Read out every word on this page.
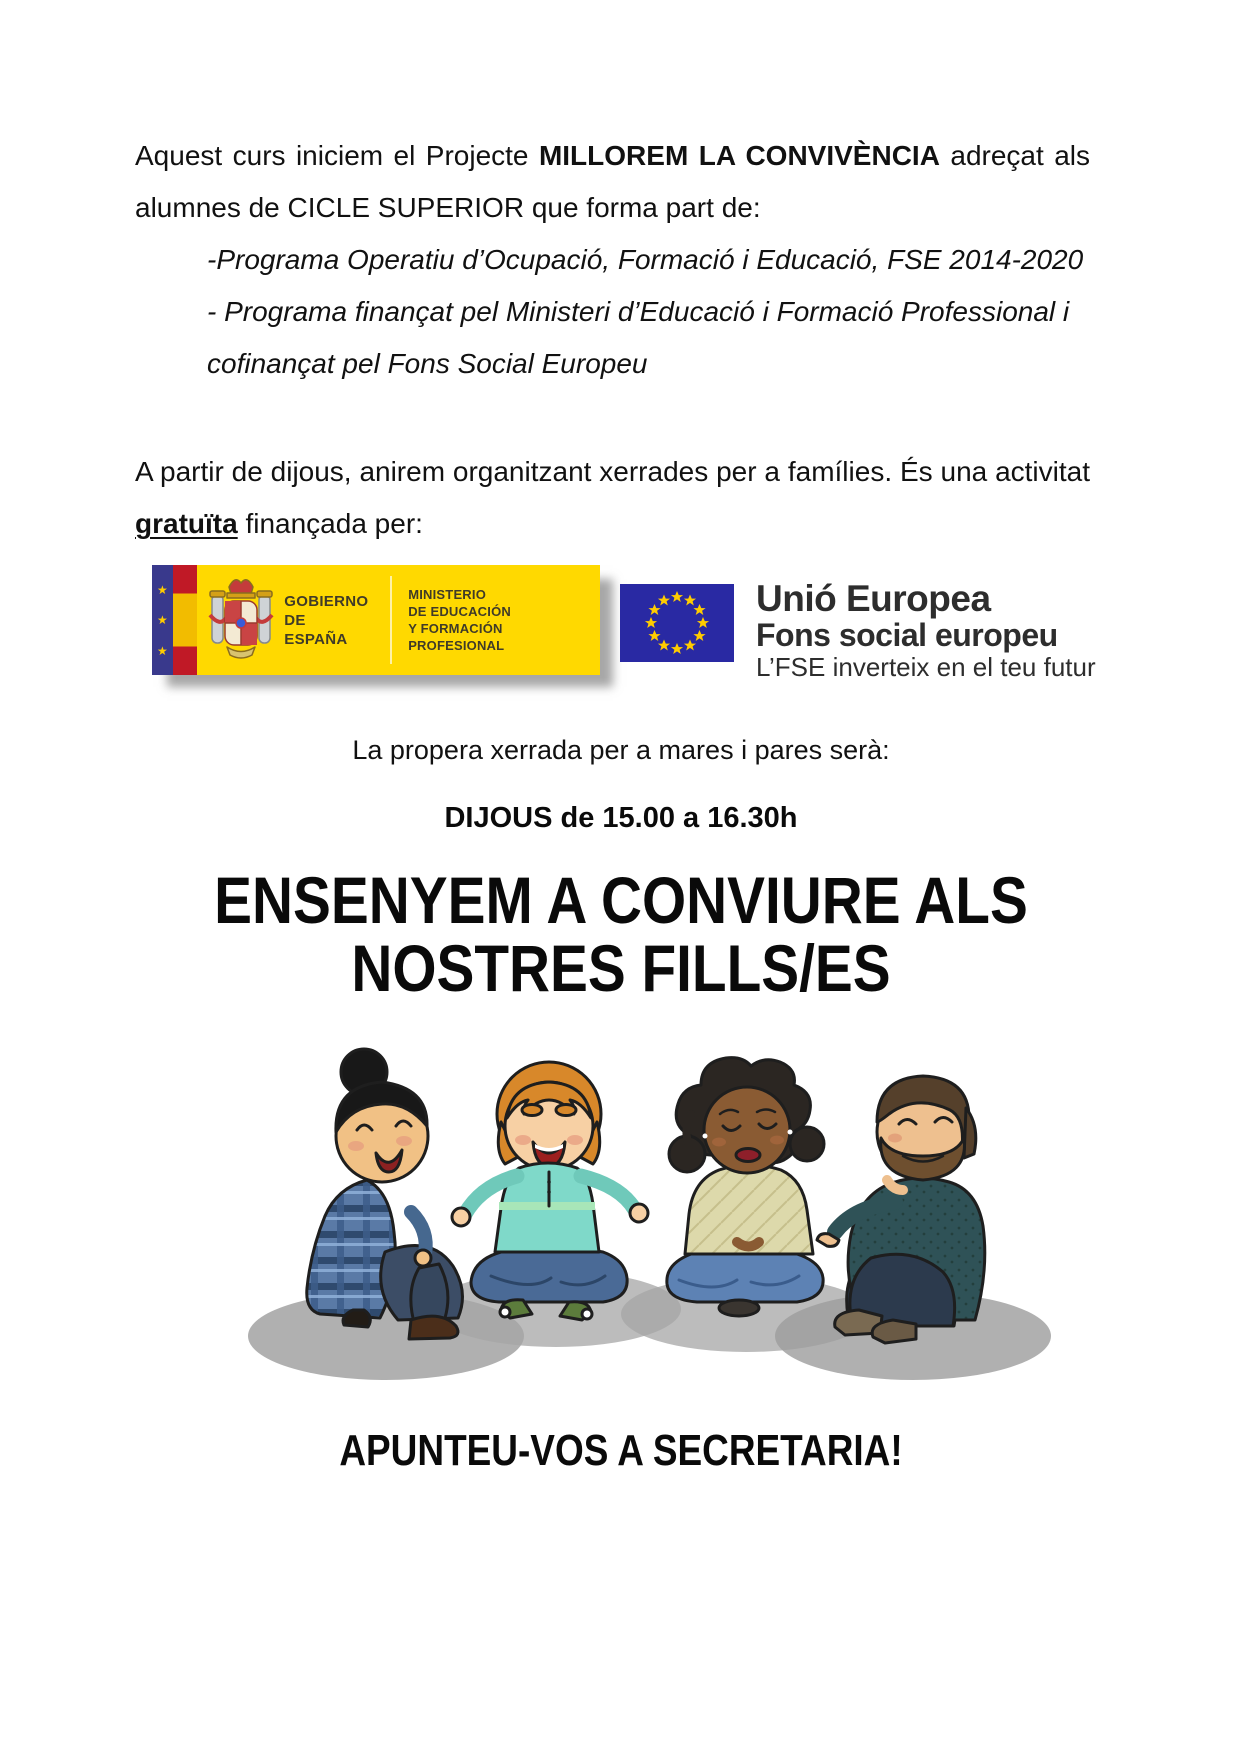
Aquest curs iniciem el Projecte MILLOREM LA CONVIVÈNCIA adreçat als
alumnes de CICLE SUPERIOR que forma part de:

-Programa Operatiu d’Ocupació, Formació i Educació, FSE 2014-2020
- Programa finançat pel Ministeri d’Educació i Formació Professional i
cofinançat pel Fons Social Europeu

A partir de dijous, anirem organitzant xerrades per a famílies. És una activitat
gratuïta finançada per:

★
★
★
GOBIERNO
DE ESPAÑA
MINISTERIO
DE EDUCACIÓN
Y FORMACIÓN PROFESIONAL
Unió Europea
Fons social europeu
L’FSE inverteix en el teu futur
La propera xerrada per a mares i pares serà:
DIJOUS de 15.00 a 16.30h
ENSENYEM A CONVIURE ALS
NOSTRES FILLS/ES
APUNTEU-VOS A SECRETARIA!
